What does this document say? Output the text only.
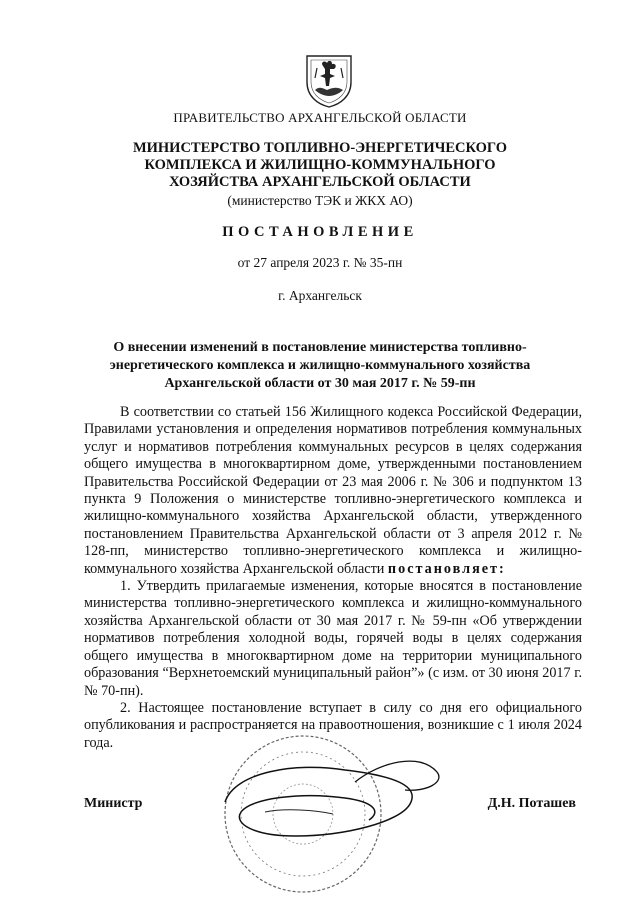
ПРАВИТЕЛЬСТВО АРХАНГЕЛЬСКОЙ ОБЛАСТИ
МИНИСТЕРСТВО ТОПЛИВНО-ЭНЕРГЕТИЧЕСКОГО
КОМПЛЕКСА И ЖИЛИЩНО-КОММУНАЛЬНОГО
ХОЗЯЙСТВА АРХАНГЕЛЬСКОЙ ОБЛАСТИ
(министерство ТЭК и ЖКХ АО)
ПОСТАНОВЛЕНИЕ
от 27 апреля 2023 г. № 35-пн
г. Архангельск
О внесении изменений в постановление министерства топливно-
энергетического комплекса и жилищно-коммунального хозяйства
Архангельской области от 30 мая 2017 г. № 59-пн

В соответствии со статьей 156 Жилищного кодекса Российской Федерации, Правилами установления и определения нормативов потребления коммунальных услуг и нормативов потребления коммунальных ресурсов в целях содержания общего имущества в многоквартирном доме, утвержденными постановлением Правительства Российской Федерации от 23 мая 2006 г. № 306 и подпунктом 13 пункта 9 Положения о министерстве топливно-энергетического комплекса и жилищно-коммунального хозяйства Архангельской области, утвержденного постановлением Правительства Архангельской области от 3 апреля 2012 г. № 128-пп, министерство топливно-энергетического комплекса и жилищно-коммунального хозяйства Архангельской области постановляет:

1. Утвердить прилагаемые изменения, которые вносятся в постановление министерства топливно-энергетического комплекса и жилищно-коммунального хозяйства Архангельской области от 30 мая 2017 г. № 59-пн «Об утверждении нормативов потребления холодной воды, горячей воды в целях содержания общего имущества в многоквартирном доме на территории муниципального образования “Верхнетоемский муниципальный район”» (с изм. от 30 июня 2017 г. № 70-пн).

2. Настоящее постановление вступает в силу со дня его официального опубликования и распространяется на правоотношения, возникшие с 1 июля 2024 года.

Министр	Д.Н. Поташев
